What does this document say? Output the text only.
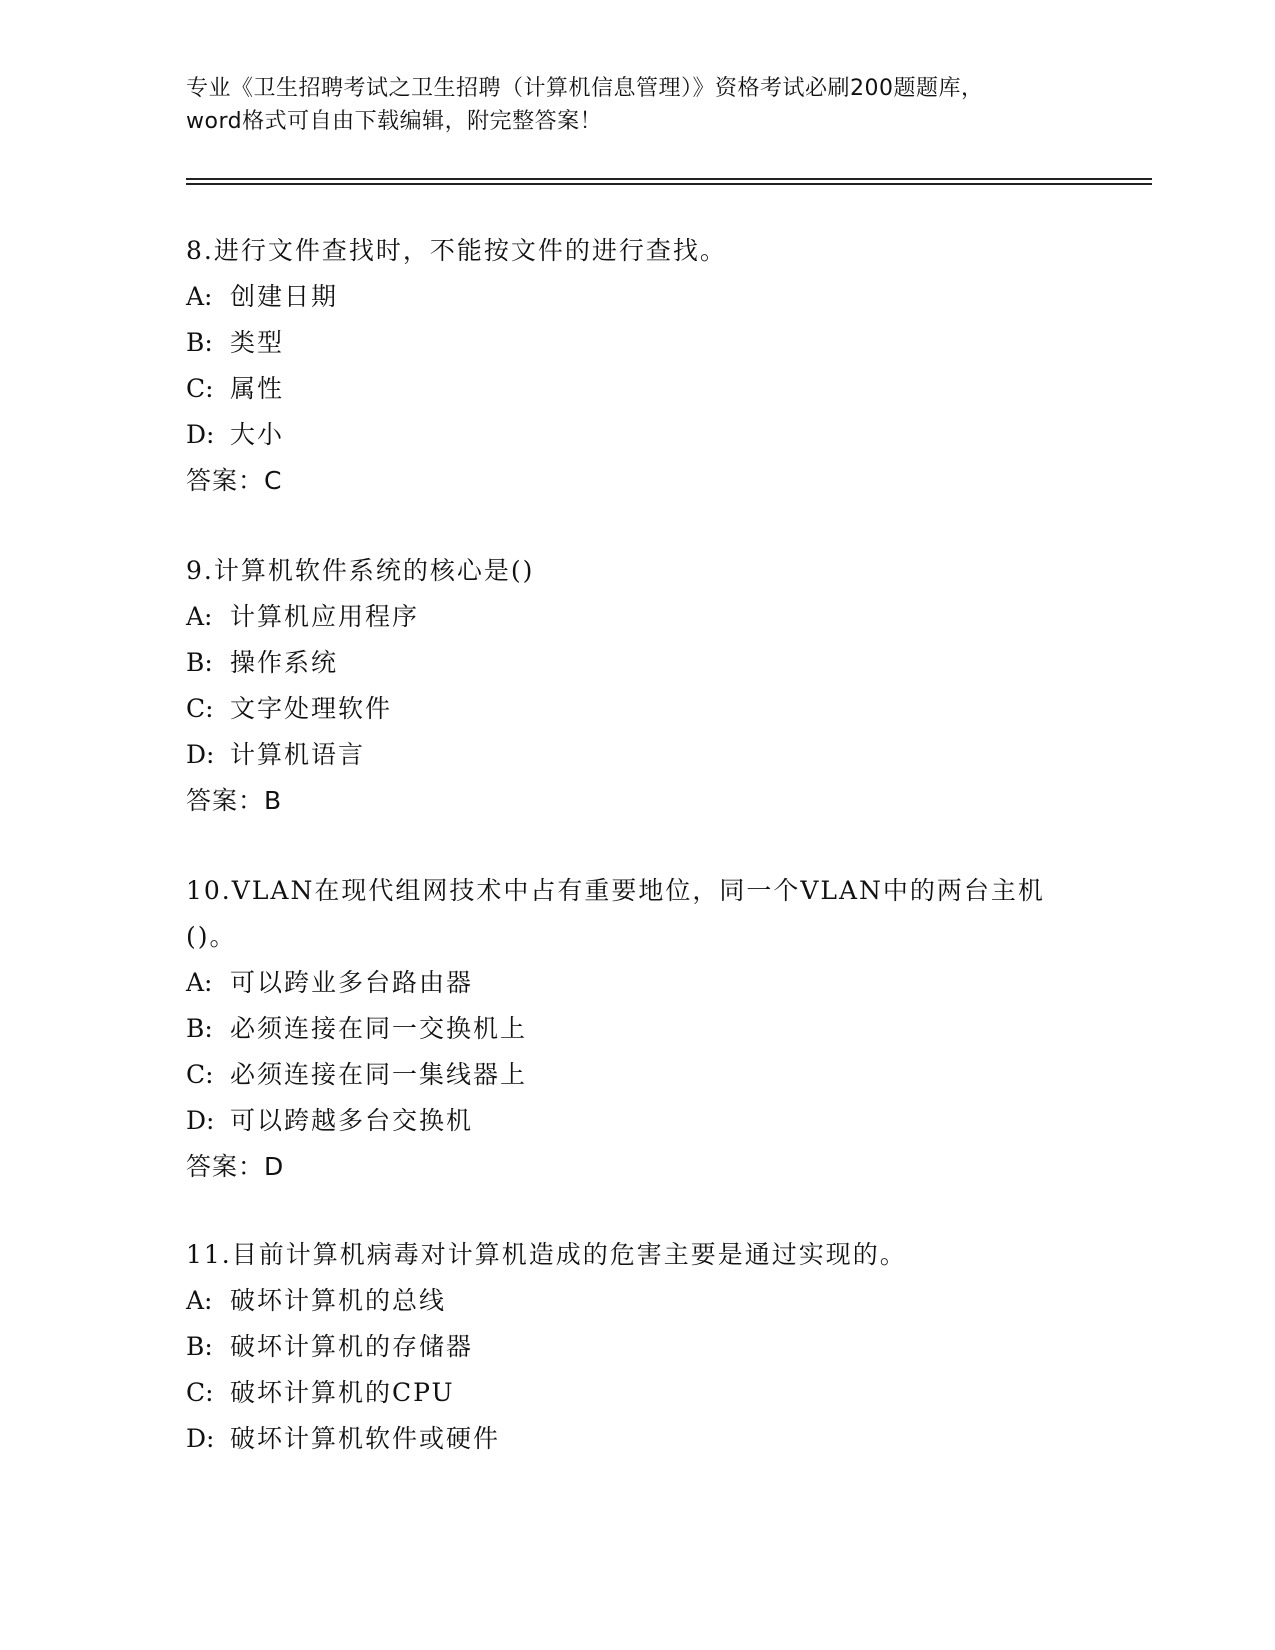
专业《卫生招聘考试之卫生招聘（计算机信息管理）》资格考试必刷200题题库，
word格式可自由下载编辑，附完整答案！

8.进行文件查找时，不能按文件的进行查找。

A: 创建日期

B: 类型

C: 属性

D: 大小

答案：C

9.计算机软件系统的核心是()

A: 计算机应用程序

B: 操作系统

C: 文字处理软件

D: 计算机语言

答案：B

10.VLAN在现代组网技术中占有重要地位，同一个VLAN中的两台主机
()。

A: 可以跨业多台路由器

B: 必须连接在同一交换机上

C: 必须连接在同一集线器上

D: 可以跨越多台交换机

答案：D

11.目前计算机病毒对计算机造成的危害主要是通过实现的。

A: 破坏计算机的总线

B: 破坏计算机的存储器

C: 破坏计算机的CPU

D: 破坏计算机软件或硬件
